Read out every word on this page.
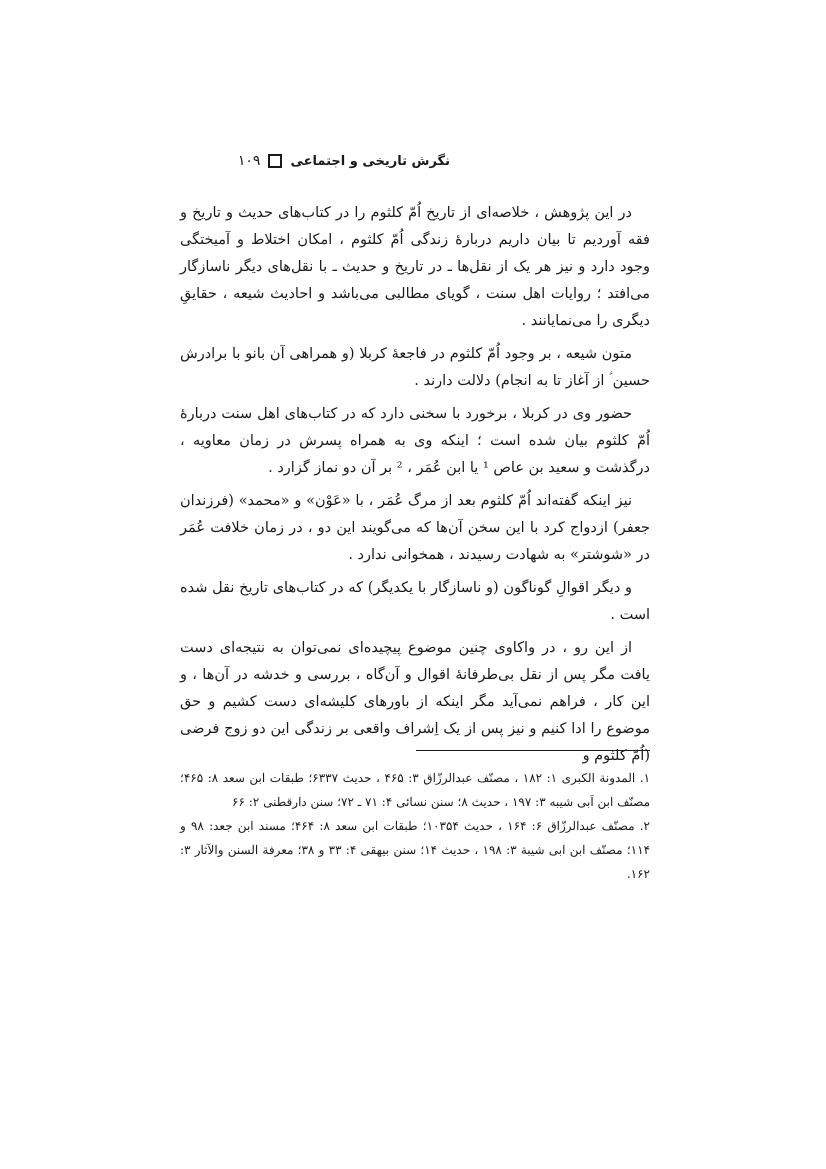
نگرش تاریخی و اجتماعی
۱۰۹

در این پژوهش ، خلاصه‌ای از تاریخ اُمّ کلثوم را در کتاب‌های حدیث و تاریخ و فقه آوردیم تا بیان داریم دربارهٔ زندگی اُمّ کلثوم ، امکان اختلاط و آمیختگی وجود دارد و نیز هر یک از نقل‌ها ـ در تاریخ و حدیث ـ با نقل‌های دیگر ناسازگار می‌افتد ؛ روایات اهل سنت ، گویای مطالبی می‌باشد و احادیث شیعه ، حقایقِ دیگری را می‌نمایانند .

متون شیعه ، بر وجود اُمّ کلثوم در فاجعهٔ کربلا (و همراهی آن بانو با برادرش حسین ؑ از آغاز تا به انجام) دلالت دارند .

حضور وی در کربلا ، برخورد با سخنی دارد که در کتاب‌های اهل سنت دربارهٔ اُمّ کلثوم بیان شده است ؛ اینکه وی به همراه پسرش در زمان معاویه ، درگذشت و سعید بن عاص ¹ یا ابن عُمَر ، ² بر آن دو نماز گزارد .

نیز اینکه گفته‌اند اُمّ کلثوم بعد از مرگ عُمَر ، با «عَوْن» و «محمد» (فرزندان جعفر) ازدواج کرد با این سخن آن‌ها که می‌گویند این دو ، در زمان خلافت عُمَر در «شوشتر» به شهادت رسیدند ، همخوانی ندارد .

و دیگر اقوالِ گوناگون (و ناسازگار با یکدیگر) که در کتاب‌های تاریخ نقل شده است .

از این رو ، در واکاوی چنین موضوع پیچیده‌ای نمی‌توان به نتیجه‌ای دست یافت مگر پس از نقل بی‌طرفانهٔ اقوال و آن‌گاه ، بررسی و خدشه در آن‌ها ، و این کار ، فراهم نمی‌آید مگر اینکه از باورهای کلیشه‌ای دست کشیم و حق موضوع را ادا کنیم و نیز پس از یک اِشراف واقعی بر زندگی این دو زوج فرضی (اُمّ کلثوم و

۱. المدونة الکبری ۱: ۱۸۲ ، مصنّف عبدالرزّاق ۳: ۴۶۵ ، حدیث ۶۳۳۷؛ طبقات ابن سعد ۸: ۴۶۵؛ مصنّف ابن اَبی شیبه ۳: ۱۹۷ ، حدیث ۸؛ سنن نسائی ۴: ۷۱ ـ ۷۲؛ سنن دارقطنی ۲: ۶۶

۲. مصنّف عبدالرزّاق ۶: ۱۶۴ ، حدیث ۱۰۳۵۴؛ طبقات ابن سعد ۸: ۴۶۴؛ مسند ابن جعد: ۹۸ و ۱۱۴؛ مصنّف ابن ابی شیبة ۳: ۱۹۸ ، حدیث ۱۴؛ سنن بیهقی ۴: ۳۳ و ۳۸؛ معرفة السنن والآثار ۳: ۱۶۲.
